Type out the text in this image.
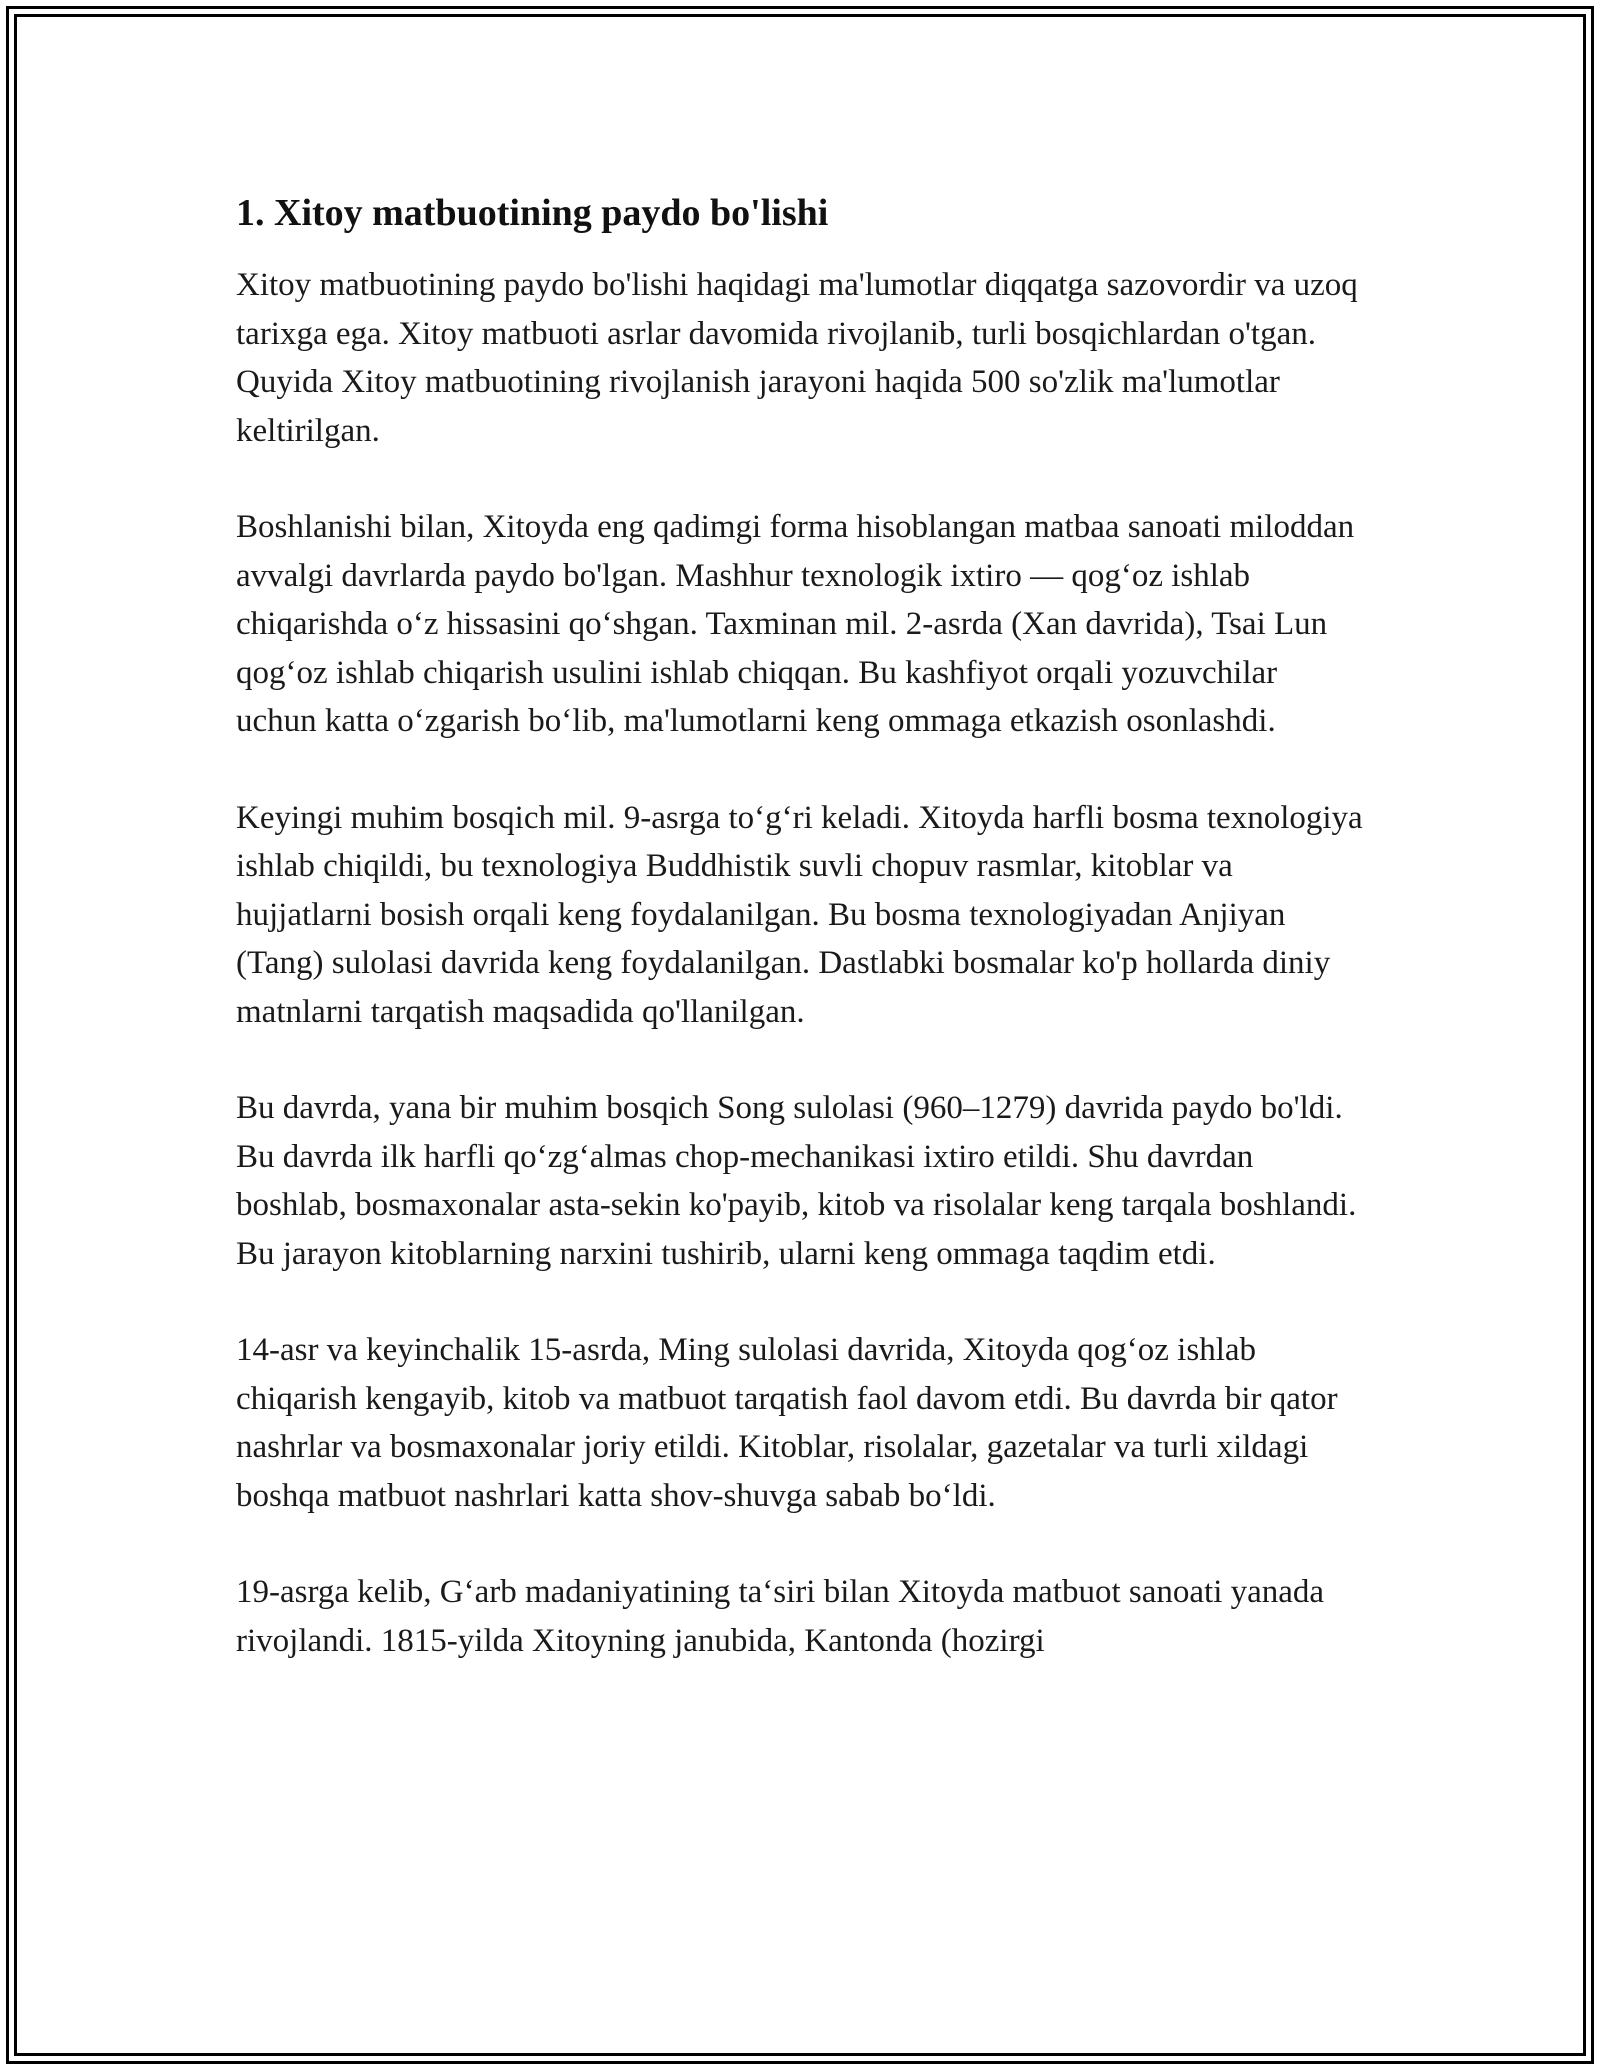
1. Xitoy matbuotining paydo bo'lishi

Xitoy matbuotining paydo bo'lishi haqidagi ma'lumotlar diqqatga sazovordir va uzoq tarixga ega. Xitoy matbuoti asrlar davomida rivojlanib, turli bosqichlardan o'tgan. Quyida Xitoy matbuotining rivojlanish jarayoni haqida 500 so'zlik ma'lumotlar keltirilgan.

Boshlanishi bilan, Xitoyda eng qadimgi forma hisoblangan matbaa sanoati miloddan avvalgi davrlarda paydo bo'lgan. Mashhur texnologik ixtiro — qog‘oz ishlab chiqarishda o‘z hissasini qo‘shgan. Taxminan mil. 2-asrda (Xan davrida), Tsai Lun qog‘oz ishlab chiqarish usulini ishlab chiqqan. Bu kashfiyot orqali yozuvchilar uchun katta o‘zgarish bo‘lib, ma'lumotlarni keng ommaga etkazish osonlashdi.

Keyingi muhim bosqich mil. 9-asrga to‘g‘ri keladi. Xitoyda harfli bosma texnologiya ishlab chiqildi, bu texnologiya Buddhistik suvli chopuv rasmlar, kitoblar va hujjatlarni bosish orqali keng foydalanilgan. Bu bosma texnologiyadan Anjiyan (Tang) sulolasi davrida keng foydalanilgan. Dastlabki bosmalar ko'p hollarda diniy matnlarni tarqatish maqsadida qo'llanilgan.

Bu davrda, yana bir muhim bosqich Song sulolasi (960–1279) davrida paydo bo'ldi. Bu davrda ilk harfli qo‘zg‘almas chop-mechanikasi ixtiro etildi. Shu davrdan boshlab, bosmaxonalar asta-sekin ko'payib, kitob va risolalar keng tarqala boshlandi. Bu jarayon kitoblarning narxini tushirib, ularni keng ommaga taqdim etdi.

14-asr va keyinchalik 15-asrda, Ming sulolasi davrida, Xitoyda qog‘oz ishlab chiqarish kengayib, kitob va matbuot tarqatish faol davom etdi. Bu davrda bir qator nashrlar va bosmaxonalar joriy etildi. Kitoblar, risolalar, gazetalar va turli xildagi boshqa matbuot nashrlari katta shov-shuvga sabab bo‘ldi.

19-asrga kelib, G‘arb madaniyatining ta‘siri bilan Xitoyda matbuot sanoati yanada rivojlandi. 1815-yilda Xitoyning janubida, Kantonda (hozirgi
